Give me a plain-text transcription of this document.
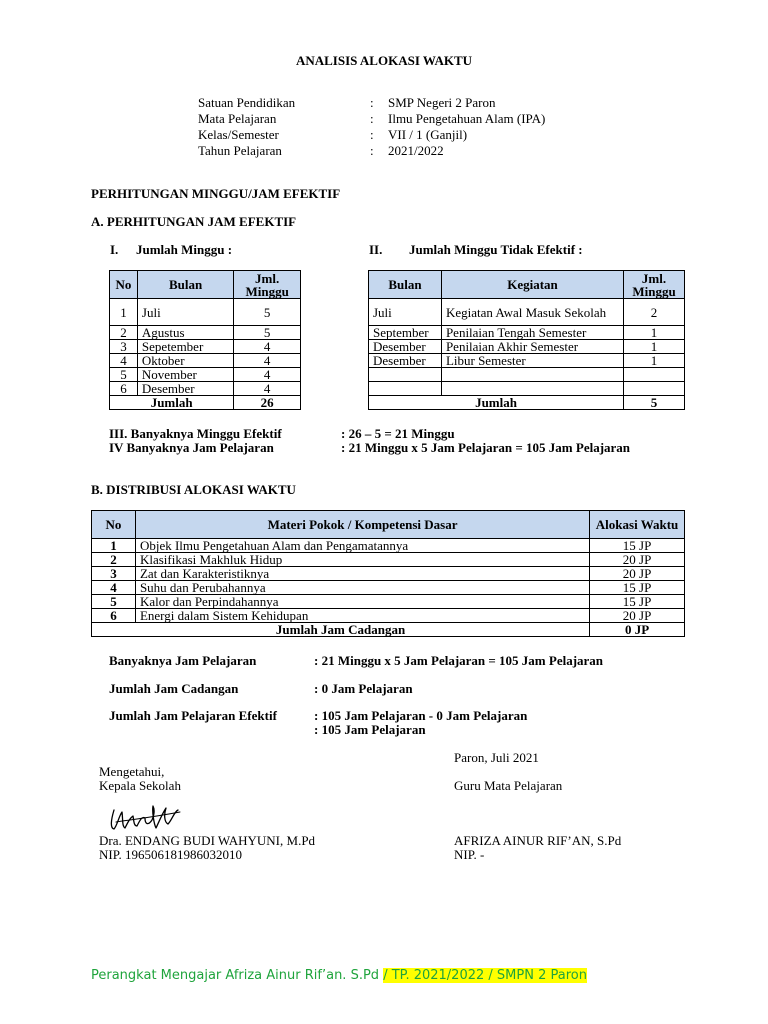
ANALISIS ALOKASI WAKTU
Satuan Pendidikan	: SMP Negeri 2 Paron
Mata Pelajaran	: Ilmu Pengetahuan Alam (IPA)
Kelas/Semester	: VII / 1 (Ganjil)
Tahun Pelajaran	: 2021/2022
PERHITUNGAN MINGGU/JAM EFEKTIF
A. PERHITUNGAN JAM EFEKTIF
I. Jumlah Minggu :	II. Jumlah Minggu Tidak Efektif :
No	Bulan	Jml. Minggu
1	Juli	5
2	Agustus	5
3	Sepetember	4
4	Oktober	4
5	November	4
6	Desember	4
Jumlah		26
Bulan	Kegiatan	Jml. Minggu
Juli	Kegiatan Awal Masuk Sekolah	2
September	Penilaian Tengah Semester	1
Desember	Penilaian Akhir Semester	1
Desember	Libur Semester	1

Jumlah		5
III. Banyaknya Minggu Efektif	: 26 – 5 = 21 Minggu
IV Banyaknya Jam Pelajaran	: 21 Minggu x 5 Jam Pelajaran = 105 Jam Pelajaran
B. DISTRIBUSI ALOKASI WAKTU
No	Materi Pokok / Kompetensi Dasar	Alokasi Waktu
1	Objek Ilmu Pengetahuan Alam dan Pengamatannya	15 JP
2	Klasifikasi Makhluk Hidup	20 JP
3	Zat dan Karakteristiknya	20 JP
4	Suhu dan Perubahannya	15 JP
5	Kalor dan Perpindahannya	15 JP
6	Energi dalam Sistem Kehidupan	20 JP
Jumlah Jam Cadangan		0 JP
Banyaknya Jam Pelajaran	: 21 Minggu x 5 Jam Pelajaran = 105 Jam Pelajaran
Jumlah Jam Cadangan	: 0 Jam Pelajaran
Jumlah Jam Pelajaran Efektif	: 105 Jam Pelajaran - 0 Jam Pelajaran
: 105 Jam Pelajaran
Paron, Juli 2021
Mengetahui,
Kepala Sekolah	Guru Mata Pelajaran
Dra. ENDANG BUDI WAHYUNI, M.Pd
NIP. 196506181986032010
AFRIZA AINUR RIF’AN, S.Pd
NIP. -
Perangkat Mengajar Afriza Ainur Rif’an. S.Pd / TP. 2021/2022 / SMPN 2 Paron
